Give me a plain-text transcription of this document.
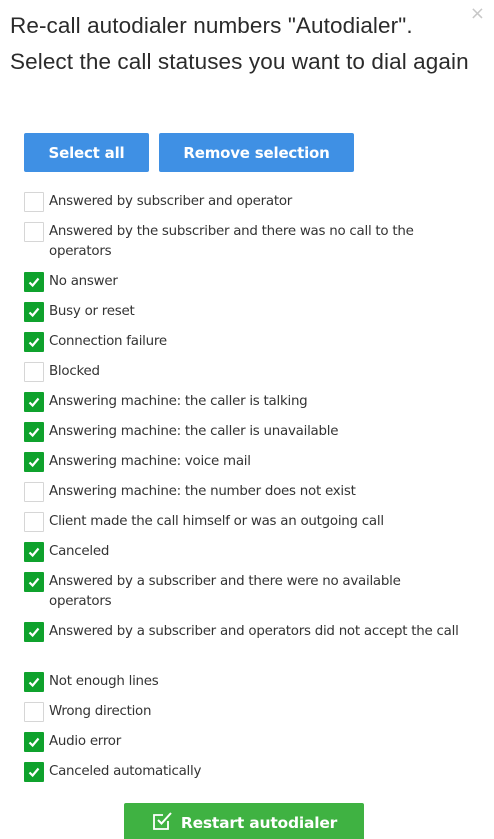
×
Re-call autodialer numbers "Autodialer". Select the call statuses you want to dial again
Select all	Remove selection
Answered by subscriber and operator
Answered by the subscriber and there was no call to the operators
No answer
Busy or reset
Connection failure
Blocked
Answering machine: the caller is talking
Answering machine: the caller is unavailable
Answering machine: voice mail
Answering machine: the number does not exist
Client made the call himself or was an outgoing call
Canceled
Answered by a subscriber and there were no available operators
Answered by a subscriber and operators did not accept the call
Not enough lines
Wrong direction
Audio error
Canceled automatically
Restart autodialer
